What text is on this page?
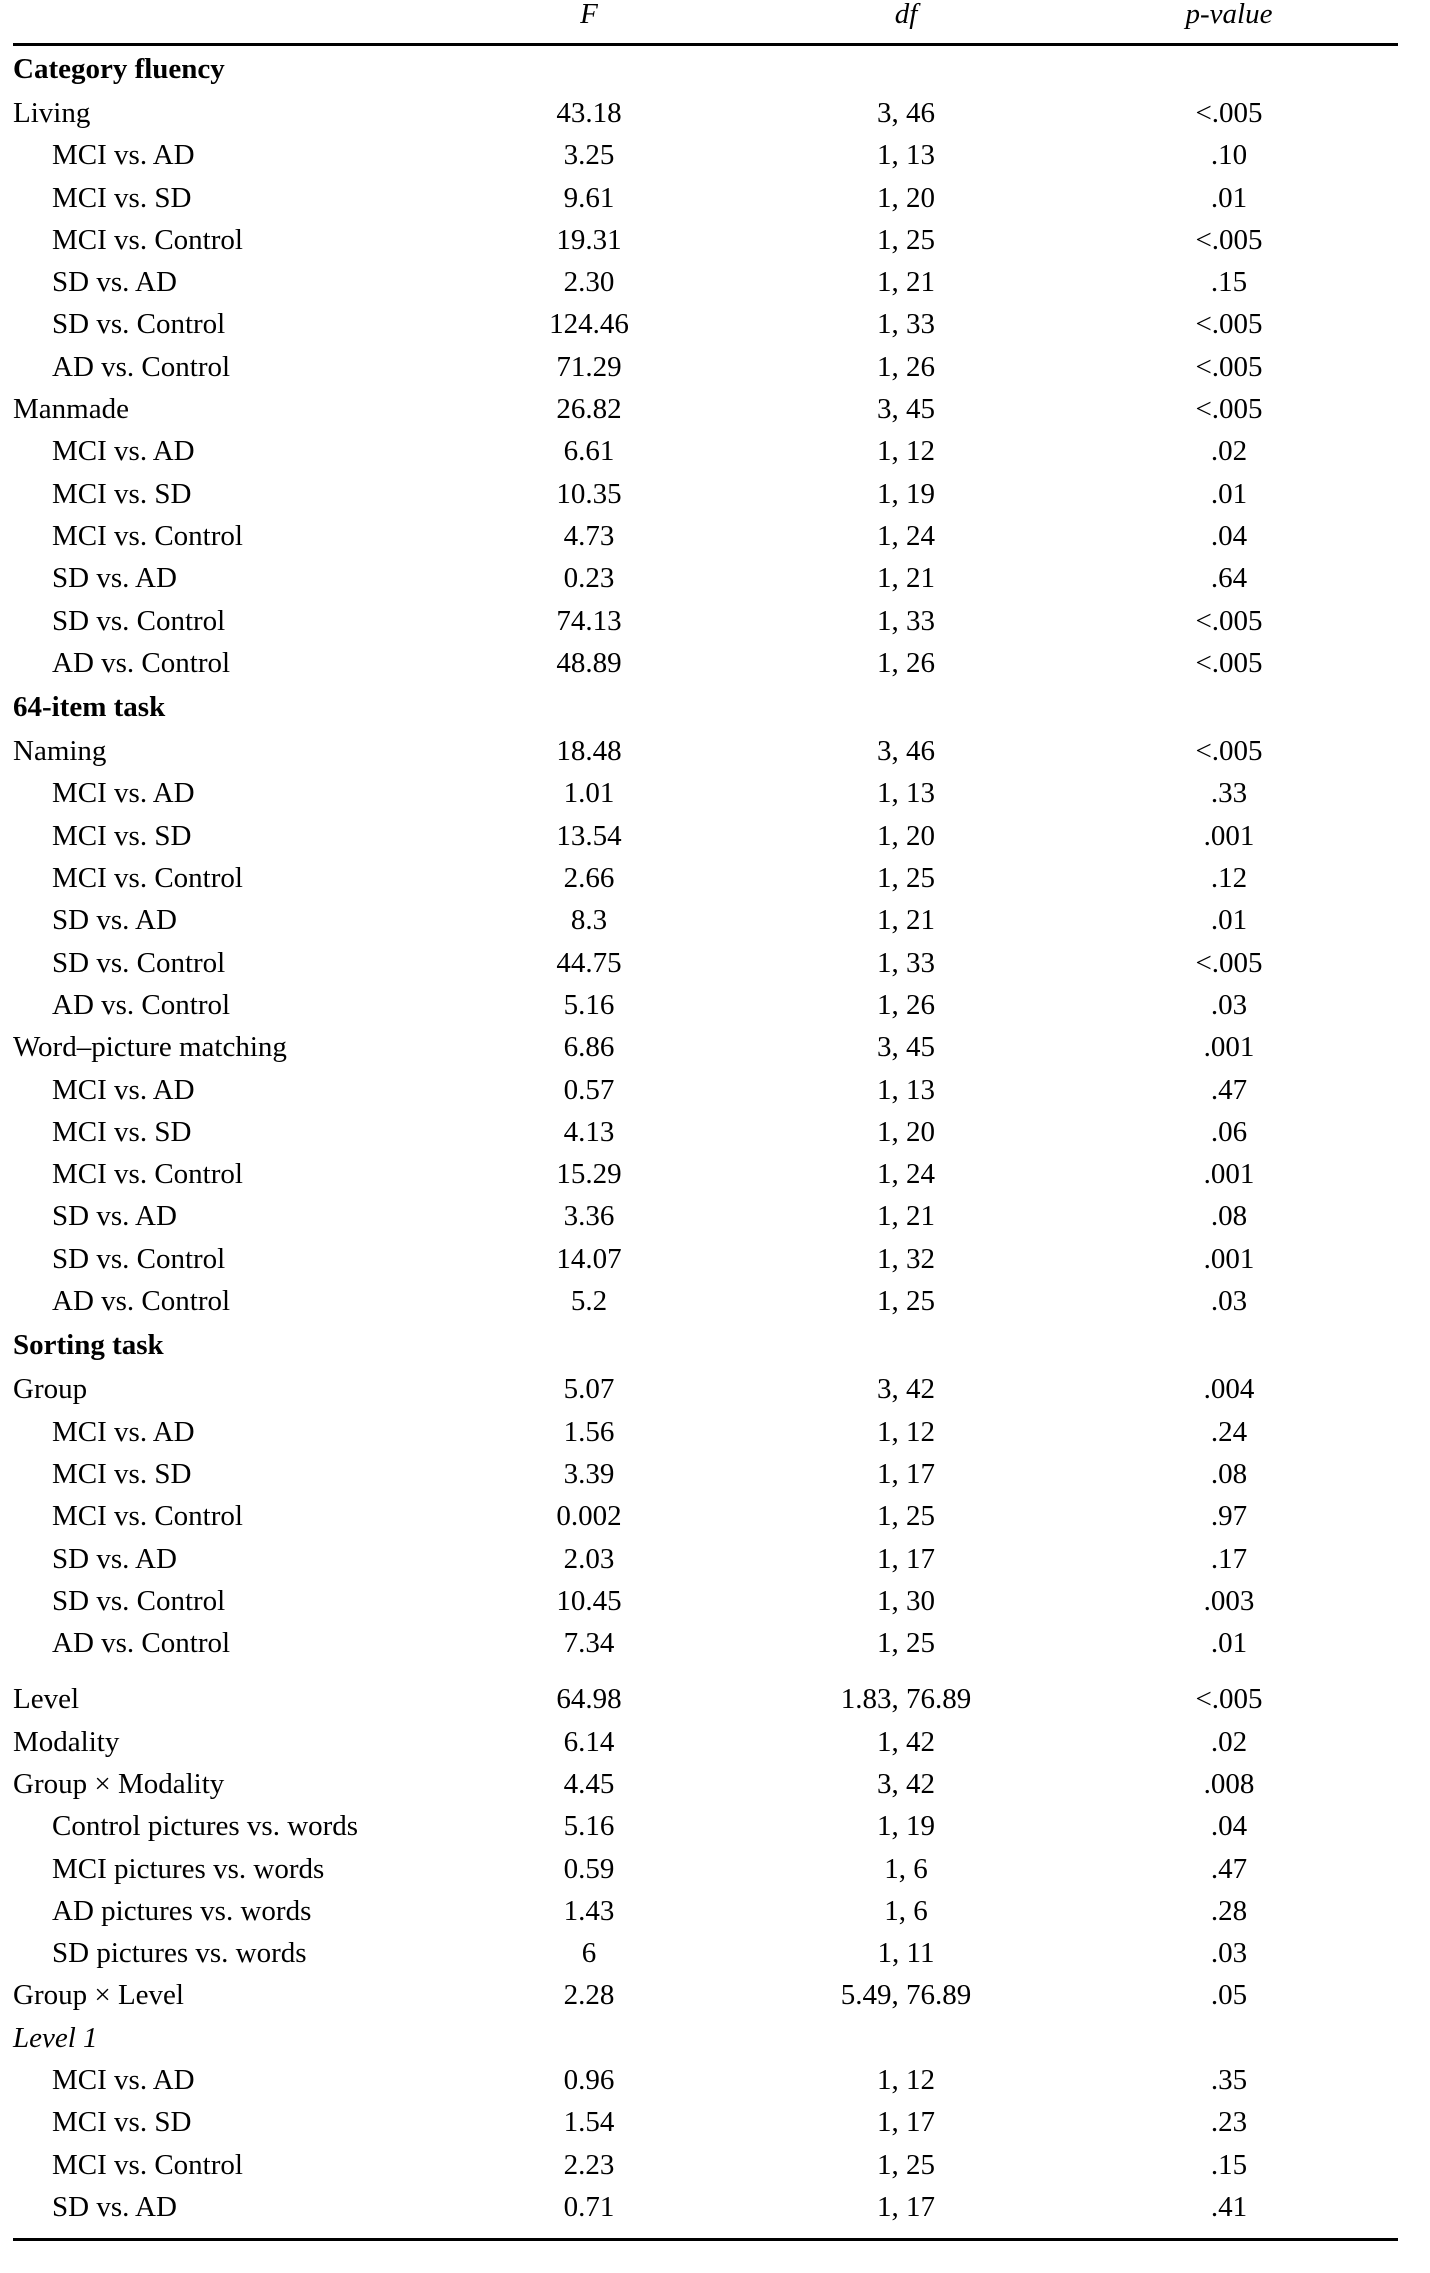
	F	df	p-value
Category fluency			
Living	43.18	3, 46	<.005
MCI vs. AD	3.25	1, 13	.10
MCI vs. SD	9.61	1, 20	.01
MCI vs. Control	19.31	1, 25	<.005
SD vs. AD	2.30	1, 21	.15
SD vs. Control	124.46	1, 33	<.005
AD vs. Control	71.29	1, 26	<.005
Manmade	26.82	3, 45	<.005
MCI vs. AD	6.61	1, 12	.02
MCI vs. SD	10.35	1, 19	.01
MCI vs. Control	4.73	1, 24	.04
SD vs. AD	0.23	1, 21	.64
SD vs. Control	74.13	1, 33	<.005
AD vs. Control	48.89	1, 26	<.005
64-item task			
Naming	18.48	3, 46	<.005
MCI vs. AD	1.01	1, 13	.33
MCI vs. SD	13.54	1, 20	.001
MCI vs. Control	2.66	1, 25	.12
SD vs. AD	8.3	1, 21	.01
SD vs. Control	44.75	1, 33	<.005
AD vs. Control	5.16	1, 26	.03
Word–picture matching	6.86	3, 45	.001
MCI vs. AD	0.57	1, 13	.47
MCI vs. SD	4.13	1, 20	.06
MCI vs. Control	15.29	1, 24	.001
SD vs. AD	3.36	1, 21	.08
SD vs. Control	14.07	1, 32	.001
AD vs. Control	5.2	1, 25	.03
Sorting task			
Group	5.07	3, 42	.004
MCI vs. AD	1.56	1, 12	.24
MCI vs. SD	3.39	1, 17	.08
MCI vs. Control	0.002	1, 25	.97
SD vs. AD	2.03	1, 17	.17
SD vs. Control	10.45	1, 30	.003
AD vs. Control	7.34	1, 25	.01
Level	64.98	1.83, 76.89	<.005
Modality	6.14	1, 42	.02
Group × Modality	4.45	3, 42	.008
Control pictures vs. words	5.16	1, 19	.04
MCI pictures vs. words	0.59	1, 6	.47
AD pictures vs. words	1.43	1, 6	.28
SD pictures vs. words	6	1, 11	.03
Group × Level	2.28	5.49, 76.89	.05
Level 1			
MCI vs. AD	0.96	1, 12	.35
MCI vs. SD	1.54	1, 17	.23
MCI vs. Control	2.23	1, 25	.15
SD vs. AD	0.71	1, 17	.41
